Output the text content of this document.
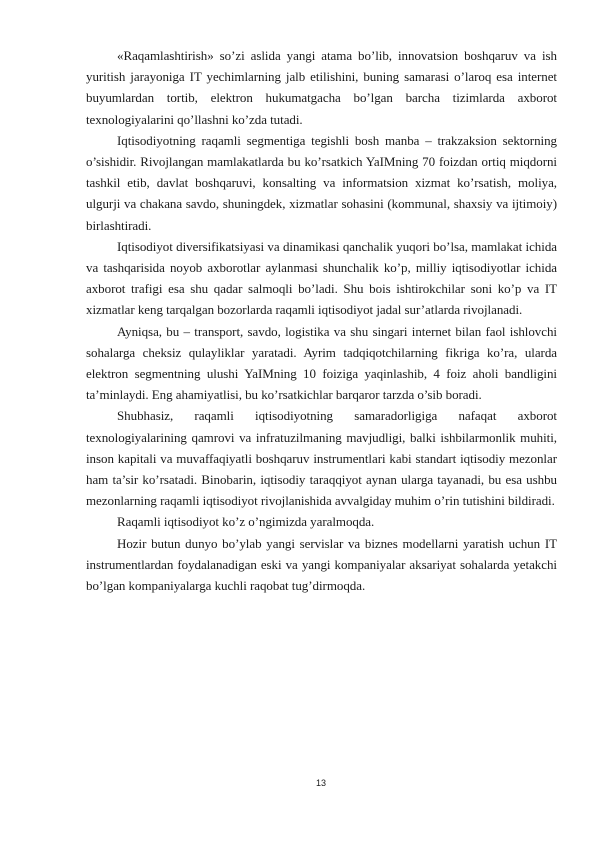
«Raqamlashtirish» so’zi aslida yangi atama bo’lib, innovatsion boshqaruv va ish yuritish jarayoniga IT yechimlarning jalb etilishini, buning samarasi o’laroq esa internet buyumlardan tortib, elektron hukumatgacha bo’lgan barcha tizimlarda axborot texnologiyalarini qo’llashni ko’zda tutadi.

Iqtisodiyotning raqamli segmentiga tegishli bosh manba – trakzaksion sektorning o’sishidir. Rivojlangan mamlakatlarda bu ko’rsatkich YaIMning 70 foizdan ortiq miqdorni tashkil etib, davlat boshqaruvi, konsalting va informatsion xizmat ko’rsatish, moliya, ulgurji va chakana savdo, shuningdek, xizmatlar sohasini (kommunal, shaxsiy va ijtimoiy) birlashtiradi.

Iqtisodiyot diversifikatsiyasi va dinamikasi qanchalik yuqori bo’lsa, mamlakat ichida va tashqarisida noyob axborotlar aylanmasi shunchalik ko’p, milliy iqtisodiyotlar ichida axborot trafigi esa shu qadar salmoqli bo’ladi. Shu bois ishtirokchilar soni ko’p va IT xizmatlar keng tarqalgan bozorlarda raqamli iqtisodiyot jadal sur’atlarda rivojlanadi.

Ayniqsa, bu – transport, savdo, logistika va shu singari internet bilan faol ishlovchi sohalarga cheksiz qulayliklar yaratadi. Ayrim tadqiqotchilarning fikriga ko’ra, ularda elektron segmentning ulushi YaIMning 10 foiziga yaqinlashib, 4 foiz aholi bandligini ta’minlaydi. Eng ahamiyatlisi, bu ko’rsatkichlar barqaror tarzda o’sib boradi.

Shubhasiz, raqamli iqtisodiyotning samaradorligiga nafaqat axborot texnologiyalarining qamrovi va infratuzilmaning mavjudligi, balki ishbilarmonlik muhiti, inson kapitali va muvaffaqiyatli boshqaruv instrumentlari kabi standart iqtisodiy mezonlar ham ta’sir ko’rsatadi. Binobarin, iqtisodiy taraqqiyot aynan ularga tayanadi, bu esa ushbu mezonlarning raqamli iqtisodiyot rivojlanishida avvalgiday muhim o’rin tutishini bildiradi.

Raqamli iqtisodiyot ko’z o’ngimizda yaralmoqda.

Hozir butun dunyo bo’ylab yangi servislar va biznes modellarni yaratish uchun IT instrumentlardan foydalanadigan eski va yangi kompaniyalar aksariyat sohalarda yetakchi bo’lgan kompaniyalarga kuchli raqobat tug’dirmoqda.

13
